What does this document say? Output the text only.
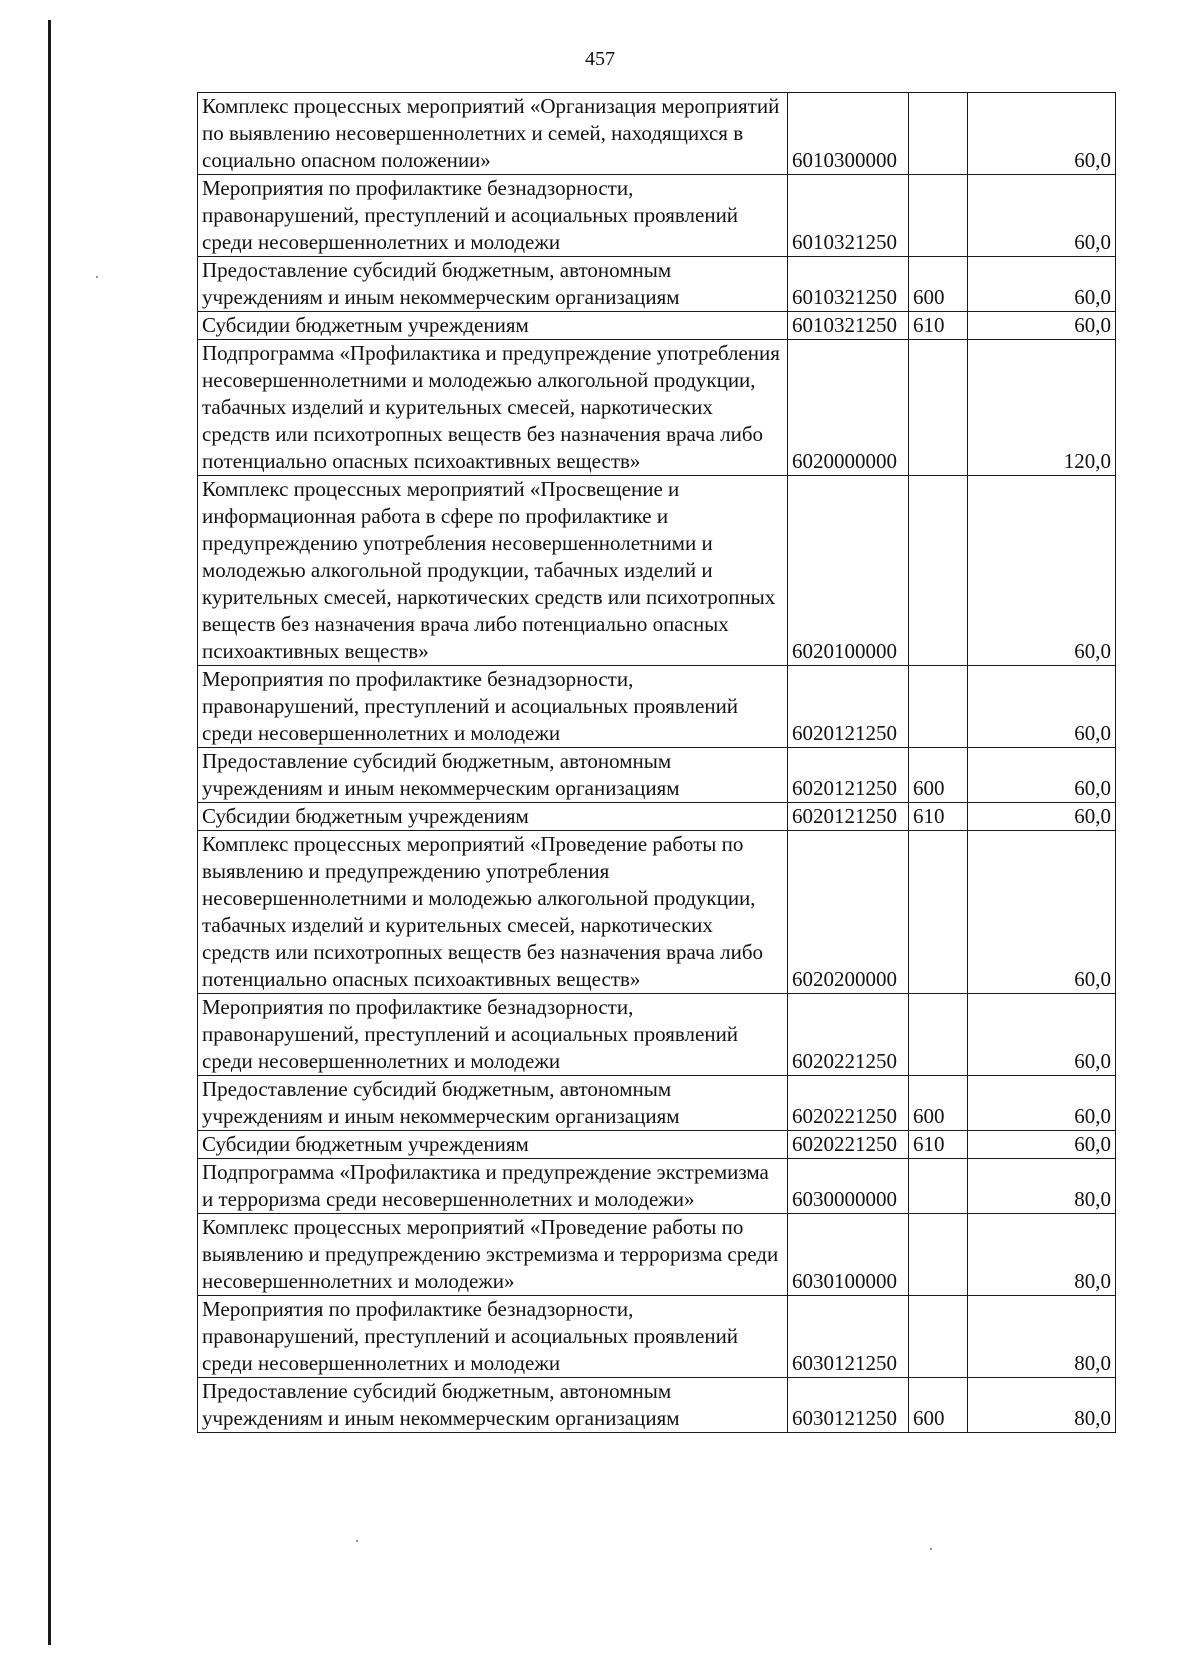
457
Комплекс процессных мероприятий «Организация мероприятий по выявлению несовершеннолетних и семей, находящихся в социально опасном положении»	6010300000		60,0
Мероприятия по профилактике безнадзорности, правонарушений, преступлений и асоциальных проявлений среди несовершеннолетних и молодежи	6010321250		60,0
Предоставление субсидий бюджетным, автономным учреждениям и иным некоммерческим организациям	6010321250	600	60,0
Субсидии бюджетным учреждениям	6010321250	610	60,0
Подпрограмма «Профилактика и предупреждение употребления несовершеннолетними и молодежью алкогольной продукции, табачных изделий и курительных смесей, наркотических средств или психотропных веществ без назначения врача либо потенциально опасных психоактивных веществ»	6020000000		120,0
Комплекс процессных мероприятий «Просвещение и информационная работа в сфере по профилактике и предупреждению употребления несовершеннолетними и молодежью алкогольной продукции, табачных изделий и курительных смесей, наркотических средств или психотропных веществ без назначения врача либо потенциально опасных психоактивных веществ»	6020100000		60,0
Мероприятия по профилактике безнадзорности, правонарушений, преступлений и асоциальных проявлений среди несовершеннолетних и молодежи	6020121250		60,0
Предоставление субсидий бюджетным, автономным учреждениям и иным некоммерческим организациям	6020121250	600	60,0
Субсидии бюджетным учреждениям	6020121250	610	60,0
Комплекс процессных мероприятий «Проведение работы по выявлению и предупреждению употребления несовершеннолетними и молодежью алкогольной продукции, табачных изделий и курительных смесей, наркотических средств или психотропных веществ без назначения врача либо потенциально опасных психоактивных веществ»	6020200000		60,0
Мероприятия по профилактике безнадзорности, правонарушений, преступлений и асоциальных проявлений среди несовершеннолетних и молодежи	6020221250		60,0
Предоставление субсидий бюджетным, автономным учреждениям и иным некоммерческим организациям	6020221250	600	60,0
Субсидии бюджетным учреждениям	6020221250	610	60,0
Подпрограмма «Профилактика и предупреждение экстремизма и терроризма среди несовершеннолетних и молодежи»	6030000000		80,0
Комплекс процессных мероприятий «Проведение работы по выявлению и предупреждению экстремизма и терроризма среди несовершеннолетних и молодежи»	6030100000		80,0
Мероприятия по профилактике безнадзорности, правонарушений, преступлений и асоциальных проявлений среди несовершеннолетних и молодежи	6030121250		80,0
Предоставление субсидий бюджетным, автономным учреждениям и иным некоммерческим организациям	6030121250	600	80,0
